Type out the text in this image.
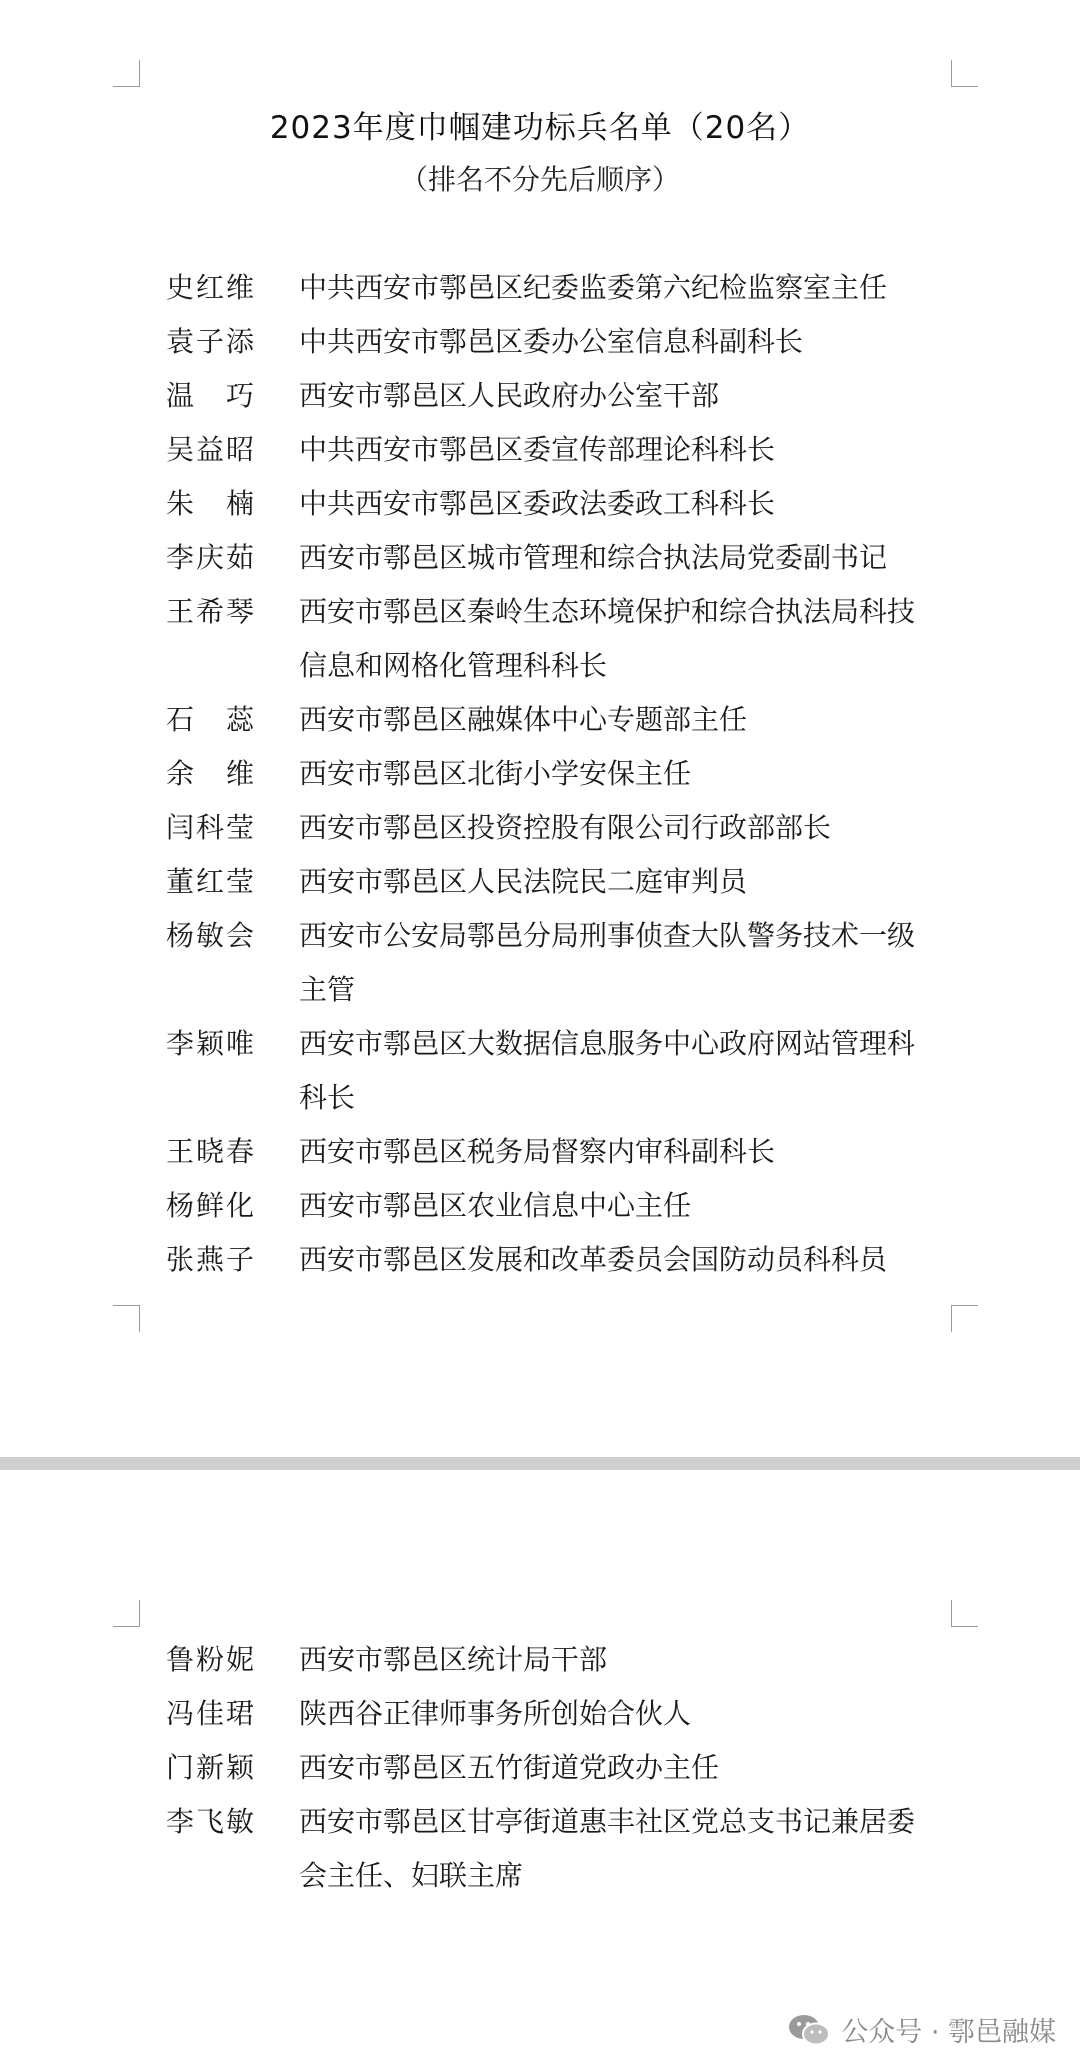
2023年度巾帼建功标兵名单（20名）
（排名不分先后顺序）
史红维	中共西安市鄠邑区纪委监委第六纪检监察室主任
袁子添	中共西安市鄠邑区委办公室信息科副科长
温　巧	西安市鄠邑区人民政府办公室干部
吴益昭	中共西安市鄠邑区委宣传部理论科科长
朱　楠	中共西安市鄠邑区委政法委政工科科长
李庆茹	西安市鄠邑区城市管理和综合执法局党委副书记
王希琴	西安市鄠邑区秦岭生态环境保护和综合执法局科技信息和网格化管理科科长
石　蕊	西安市鄠邑区融媒体中心专题部主任
余　维	西安市鄠邑区北街小学安保主任
闫科莹	西安市鄠邑区投资控股有限公司行政部部长
董红莹	西安市鄠邑区人民法院民二庭审判员
杨敏会	西安市公安局鄠邑分局刑事侦查大队警务技术一级主管
李颖唯	西安市鄠邑区大数据信息服务中心政府网站管理科科长
王晓春	西安市鄠邑区税务局督察内审科副科长
杨鲜化	西安市鄠邑区农业信息中心主任
张燕子	西安市鄠邑区发展和改革委员会国防动员科科员
鲁粉妮	西安市鄠邑区统计局干部
冯佳珺	陕西谷正律师事务所创始合伙人
门新颖	西安市鄠邑区五竹街道党政办主任
李飞敏	西安市鄠邑区甘亭街道惠丰社区党总支书记兼居委会主任、妇联主席
公众号 · 鄠邑融媒
